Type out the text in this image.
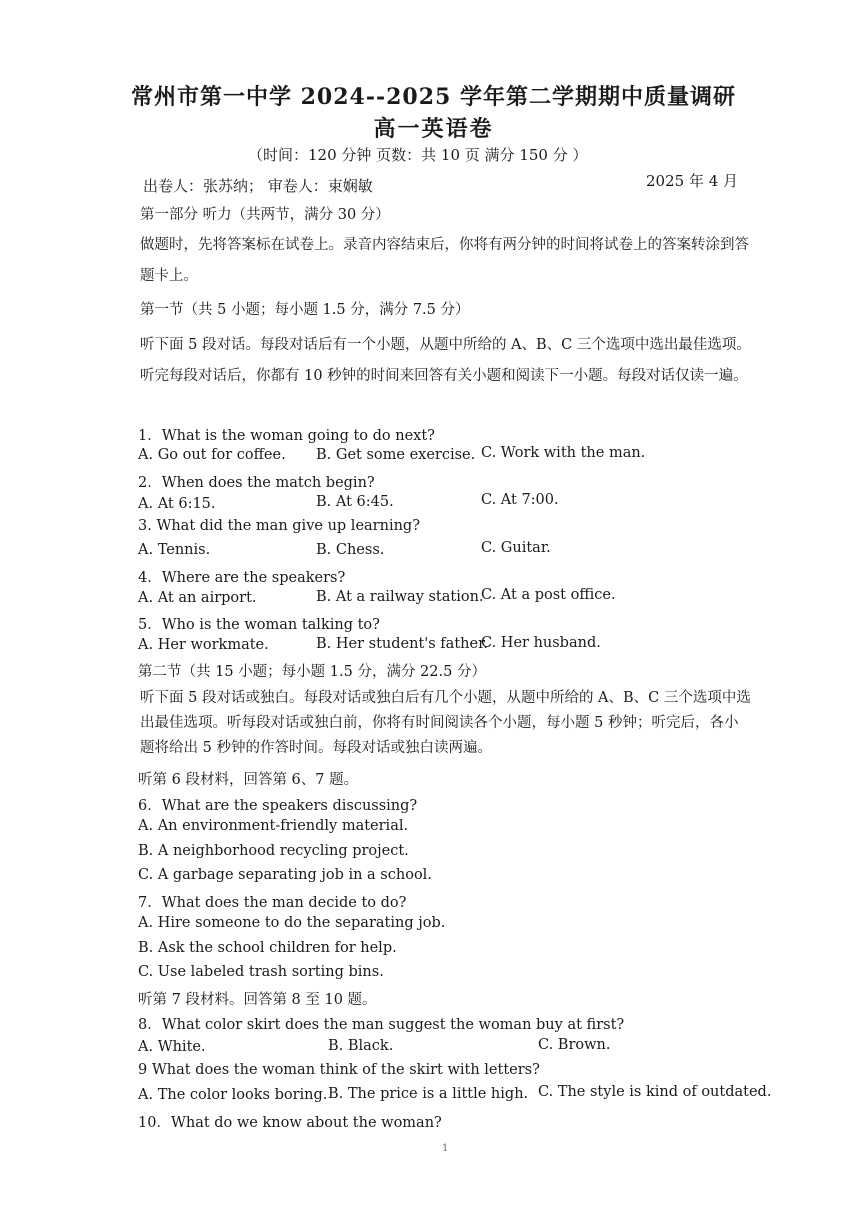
常州市第一中学 2024--2025 学年第二学期期中质量调研
高一英语卷
（时间：120 分钟 页数：共 10 页 满分 150 分 ）
2025 年 4 月
出卷人：张苏纳； 审卷人：束娴敏
第一部分 听力（共两节，满分 30 分）
做题时，先将答案标在试卷上。录音内容结束后，你将有两分钟的时间将试卷上的答案转涂到答题卡上。
第一节（共 5 小题；每小题 1.5 分，满分 7.5 分）
听下面 5 段对话。每段对话后有一个小题，从题中所给的 A、B、C 三个选项中选出最佳选项。听完每段对话后，你都有 10 秒钟的时间来回答有关小题和阅读下一小题。每段对话仅读一遍。
1．What is the woman going to do next?
A. Go out for coffee. B. Get some exercise. C. Work with the man.
2．When does the match begin?
A. At 6:15.	B. At 6:45.	C. At 7:00.
3. What did the man give up learning?
A. Tennis.	B. Chess.	C. Guitar.
4．Where are the speakers?
A. At an airport.	B. At a railway station.
C. At a post office.
5．Who is the woman talking to?
A. Her workmate.	B. Her student's father.
C. Her husband.
第二节（共 15 小题；每小题 1.5 分，满分 22.5 分）
听下面 5 段对话或独白。每段对话或独白后有几个小题，从题中所给的 A、B、C 三个选项中选出最佳选项。听每段对话或独白前，你将有时间阅读各个小题，每小题 5 秒钟；听完后，各小题将给出 5 秒钟的作答时间。每段对话或独白读两遍。
听第 6 段材料，回答第 6、7 题。
6．What are the speakers discussing?
A. An environment-friendly material.
B. A neighborhood recycling project.
C. A garbage separating job in a school.
7．What does the man decide to do?
A. Hire someone to do the separating job.
B. Ask the school children for help.
C. Use labeled trash sorting bins.
听第 7 段材料。回答第 8 至 10 题。
8．What color skirt does the man suggest the woman buy at first?
A. White.	B. Black.	C. Brown.
9 What does the woman think of the skirt with letters?
A. The color looks boring. B. The price is a little high. C. The style is kind of outdated.
10．What do we know about the woman?
1
